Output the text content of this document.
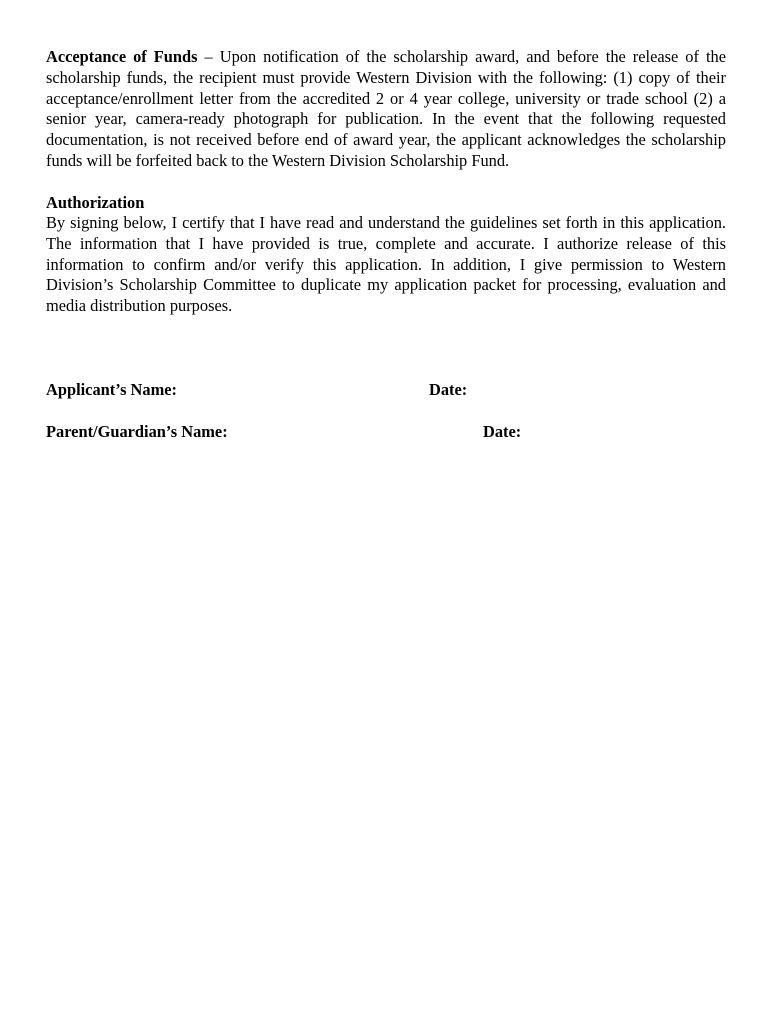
Acceptance of Funds – Upon notification of the scholarship award, and before the release of the scholarship funds, the recipient must provide Western Division with the following: (1) copy of their acceptance/enrollment letter from the accredited 2 or 4 year college, university or trade school (2) a senior year, camera-ready photograph for publication. In the event that the following requested documentation, is not received before end of award year, the applicant acknowledges the scholarship funds will be forfeited back to the Western Division Scholarship Fund.

Authorization

By signing below, I certify that I have read and understand the guidelines set forth in this application. The information that I have provided is true, complete and accurate. I authorize release of this information to confirm and/or verify this application. In addition, I give permission to Western Division’s Scholarship Committee to duplicate my application packet for processing, evaluation and media distribution purposes.

Applicant’s Name:	Date:
Parent/Guardian’s Name:	Date:
